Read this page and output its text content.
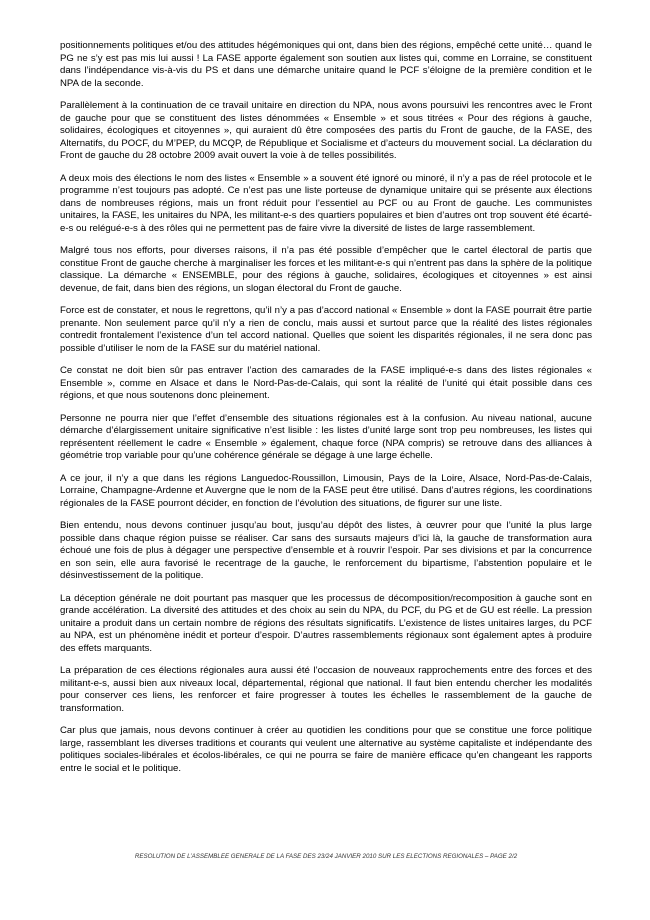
positionnements politiques et/ou des attitudes hégémoniques qui ont, dans bien des régions, empêché cette unité… quand le PG ne s’y est pas mis lui aussi ! La FASE apporte également son soutien aux listes qui, comme en Lorraine, se constituent dans l’indépendance vis-à-vis du PS et dans une démarche unitaire quand le PCF s’éloigne de la première condition et le NPA de la seconde.

Parallèlement à la continuation de ce travail unitaire en direction du NPA, nous avons poursuivi les rencontres avec le Front de gauche pour que se constituent des listes dénommées « Ensemble » et sous titrées « Pour des régions à gauche, solidaires, écologiques et citoyennes », qui auraient dû être composées des partis du Front de gauche, de la FASE, des Alternatifs, du POCF, du M’PEP, du MCQP, de République et Socialisme et d’acteurs du mouvement social. La déclaration du Front de gauche du 28 octobre 2009 avait ouvert la voie à de telles possibilités.

A deux mois des élections le nom des listes « Ensemble » a souvent été ignoré ou minoré, il n’y a pas de réel protocole et le programme n’est toujours pas adopté. Ce n’est pas une liste porteuse de dynamique unitaire qui se présente aux élections dans de nombreuses régions, mais un front réduit pour l’essentiel au PCF ou au Front de gauche. Les communistes unitaires, la FASE, les unitaires du NPA, les militant-e-s des quartiers populaires et bien d’autres ont trop souvent été écarté-e-s ou relégué-e-s à des rôles qui ne permettent pas de faire vivre la diversité de listes de large rassemblement.

Malgré tous nos efforts, pour diverses raisons, il n’a pas été possible d’empêcher que le cartel électoral de partis que constitue Front de gauche cherche à marginaliser les forces et les militant-e-s qui n’entrent pas dans la sphère de la politique classique. La démarche « ENSEMBLE, pour des régions à gauche, solidaires, écologiques et citoyennes » est ainsi devenue, de fait, dans bien des régions, un slogan électoral du Front de gauche.

Force est de constater, et nous le regrettons, qu’il n’y a pas d’accord national « Ensemble » dont la FASE pourrait être partie prenante. Non seulement parce qu’il n’y a rien de conclu, mais aussi et surtout parce que la réalité des listes régionales contredit frontalement l’existence d’un tel accord national. Quelles que soient les disparités régionales, il ne sera donc pas possible d’utiliser le nom de la FASE sur du matériel national.

Ce constat ne doit bien sûr pas entraver l’action des camarades de la FASE impliqué-e-s dans des listes régionales « Ensemble », comme en Alsace et dans le Nord-Pas-de-Calais, qui sont la réalité de l’unité qui était possible dans ces régions, et que nous soutenons donc pleinement.

Personne ne pourra nier que l’effet d’ensemble des situations régionales est à la confusion. Au niveau national, aucune démarche d’élargissement unitaire significative n’est lisible : les listes d’unité large sont trop peu nombreuses, les listes qui représentent réellement le cadre « Ensemble » également, chaque force (NPA compris) se retrouve dans des alliances à géométrie trop variable pour qu’une cohérence générale se dégage à une large échelle.

A ce jour, il n’y a que dans les régions Languedoc-Roussillon, Limousin, Pays de la Loire, Alsace, Nord-Pas-de-Calais, Lorraine, Champagne-Ardenne et Auvergne que le nom de la FASE peut être utilisé. Dans d’autres régions, les coordinations régionales de la FASE pourront décider, en fonction de l’évolution des situations, de figurer sur une liste.

Bien entendu, nous devons continuer jusqu’au bout, jusqu’au dépôt des listes, à œuvrer pour que l’unité la plus large possible dans chaque région puisse se réaliser. Car sans des sursauts majeurs d’ici là, la gauche de transformation aura échoué une fois de plus à dégager une perspective d’ensemble et à rouvrir l’espoir. Par ses divisions et par la concurrence en son sein, elle aura favorisé le recentrage de la gauche, le renforcement du bipartisme, l’abstention populaire et le désinvestissement de la politique.

La déception générale ne doit pourtant pas masquer que les processus de décomposition/recomposition à gauche sont en grande accélération. La diversité des attitudes et des choix au sein du NPA, du PCF, du PG et de GU est réelle. La pression unitaire a produit dans un certain nombre de régions des résultats significatifs. L’existence de listes unitaires larges, du PCF au NPA, est un phénomène inédit et porteur d’espoir. D’autres rassemblements régionaux sont également aptes à produire des effets marquants.

La préparation de ces élections régionales aura aussi été l’occasion de nouveaux rapprochements entre des forces et des militant-e-s, aussi bien aux niveaux local, départemental, régional que national. Il faut bien entendu chercher les modalités pour conserver ces liens, les renforcer et faire progresser à toutes les échelles le rassemblement de la gauche de transformation.

Car plus que jamais, nous devons continuer à créer au quotidien les conditions pour que se constitue une force politique large, rassemblant les diverses traditions et courants qui veulent une alternative au système capitaliste et indépendante des politiques sociales-libérales et écolos-libérales, ce qui ne pourra se faire de manière efficace qu’en changeant les rapports entre le social et le politique.

RESOLUTION DE L’ASSEMBLEE GENERALE DE LA FASE DES 23/24 JANVIER 2010 SUR LES ELECTIONS REGIONALES – PAGE 2/2
